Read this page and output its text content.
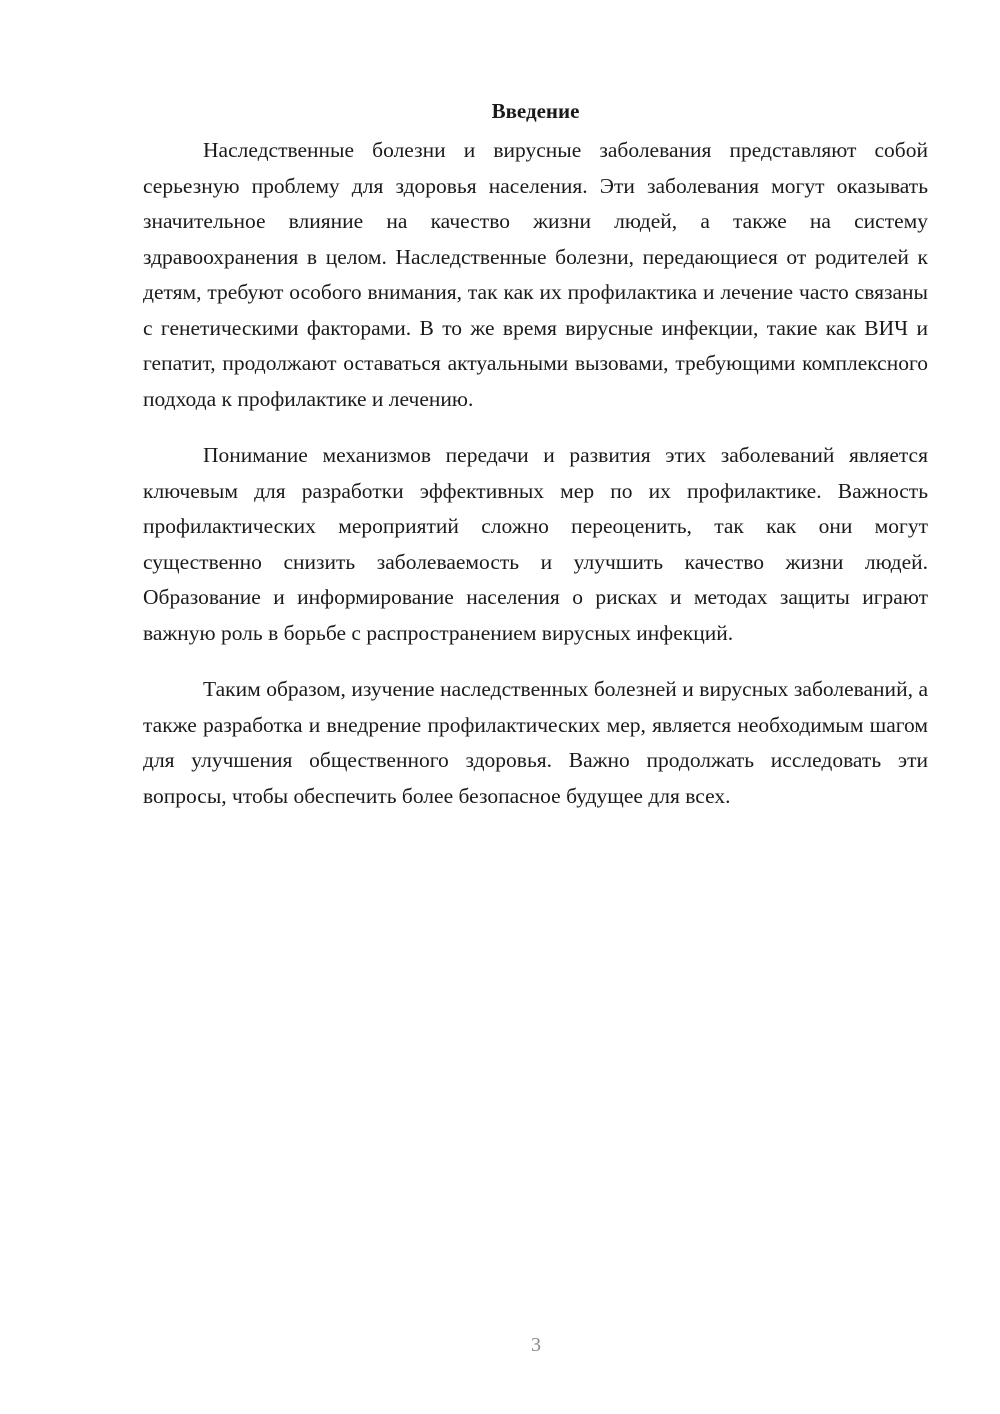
Введение

Наследственные болезни и вирусные заболевания представляют собой серьезную проблему для здоровья населения. Эти заболевания могут оказывать значительное влияние на качество жизни людей, а также на систему здравоохранения в целом. Наследственные болезни, передающиеся от родителей к детям, требуют особого внимания, так как их профилактика и лечение часто связаны с генетическими факторами. В то же время вирусные инфекции, такие как ВИЧ и гепатит, продолжают оставаться актуальными вызовами, требующими комплексного подхода к профилактике и лечению.

Понимание механизмов передачи и развития этих заболеваний является ключевым для разработки эффективных мер по их профилактике. Важность профилактических мероприятий сложно переоценить, так как они могут существенно снизить заболеваемость и улучшить качество жизни людей. Образование и информирование населения о рисках и методах защиты играют важную роль в борьбе с распространением вирусных инфекций.

Таким образом, изучение наследственных болезней и вирусных заболеваний, а также разработка и внедрение профилактических мер, является необходимым шагом для улучшения общественного здоровья. Важно продолжать исследовать эти вопросы, чтобы обеспечить более безопасное будущее для всех.

3
